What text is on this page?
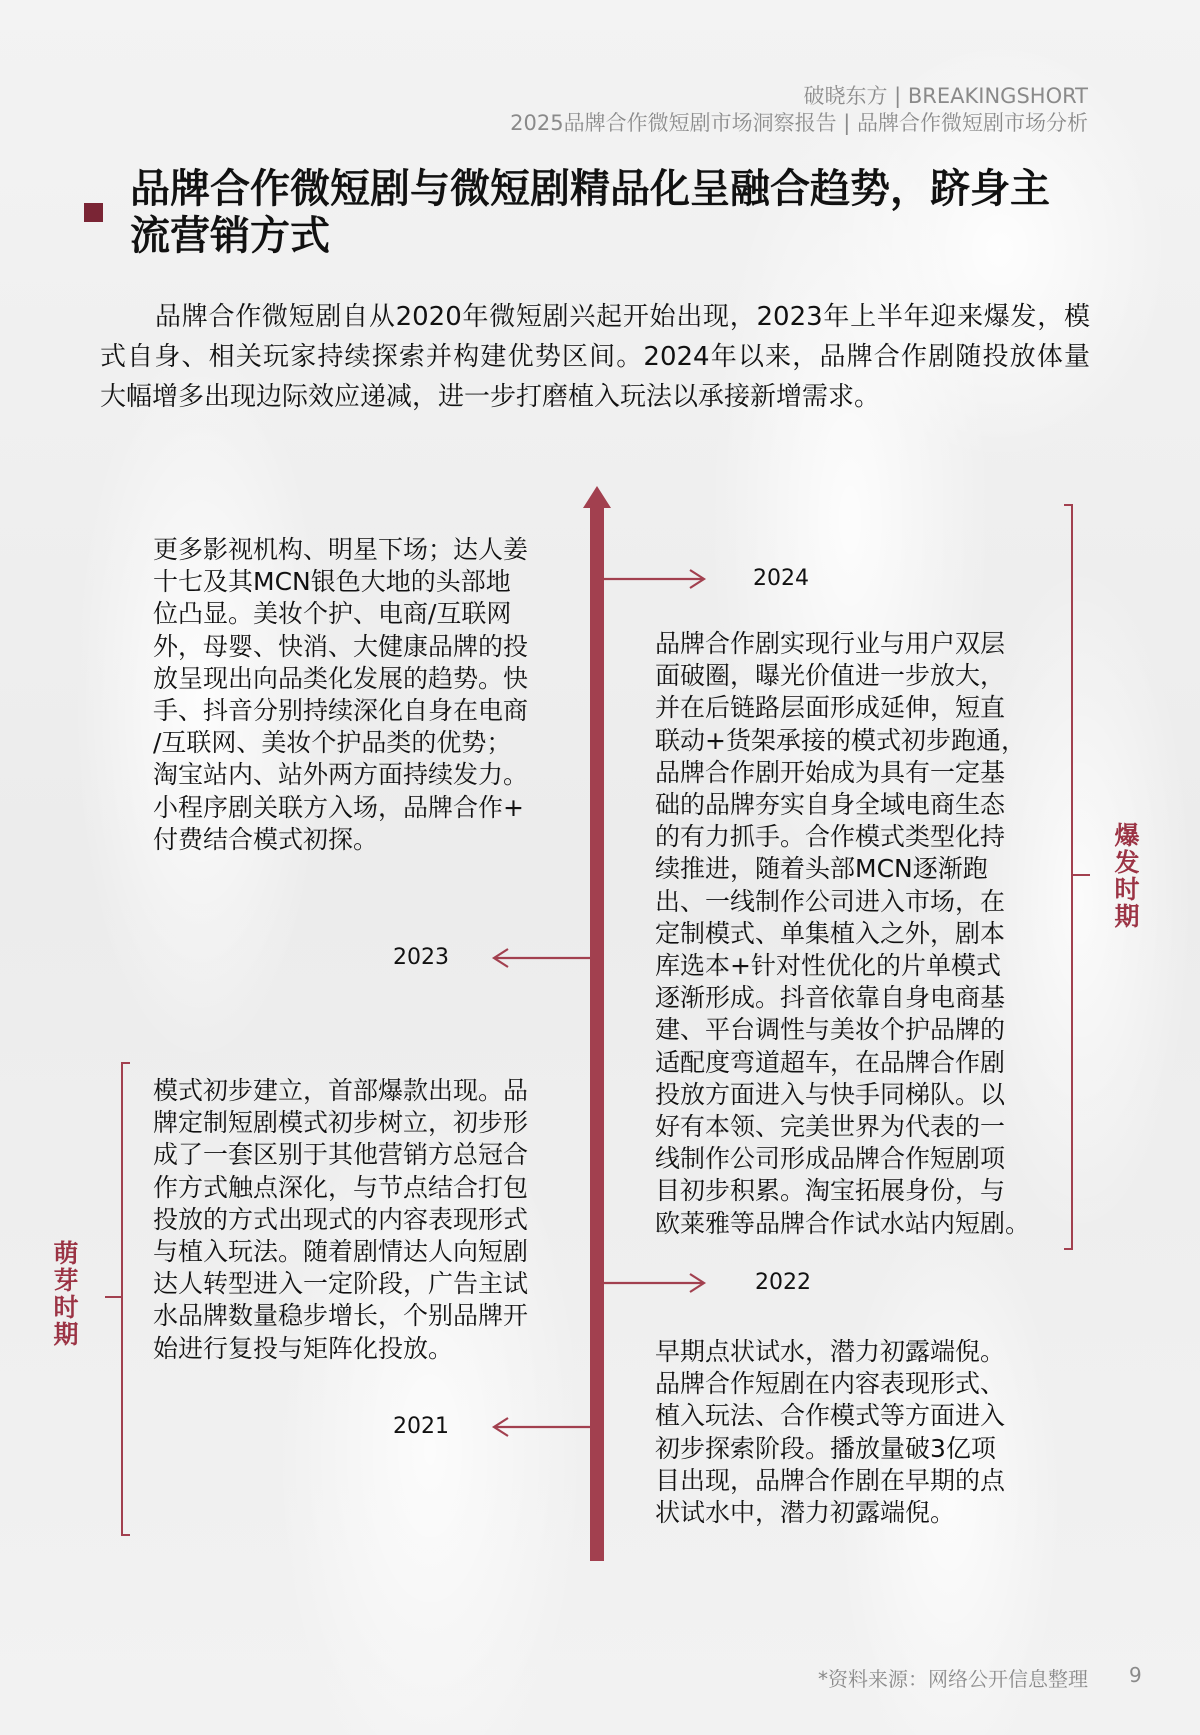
破晓东方 | BREAKINGSHORT
2025品牌合作微短剧市场洞察报告 | 品牌合作微短剧市场分析
品牌合作微短剧与微短剧精品化呈融合趋势，跻身主
流营销方式
品牌合作微短剧自从2020年微短剧兴起开始出现，2023年上半年迎来爆发，模
式自身、相关玩家持续探索并构建优势区间。2024年以来，品牌合作剧随投放体量
大幅增多出现边际效应递减，进一步打磨植入玩法以承接新增需求。
2024
2023
2022
2021
爆发时期
萌芽时期
更多影视机构、明星下场；达人姜
十七及其MCN银色大地的头部地
位凸显。美妆个护、电商/互联网
外，母婴、快消、大健康品牌的投
放呈现出向品类化发展的趋势。快
手、抖音分别持续深化自身在电商
/互联网、美妆个护品类的优势；
淘宝站内、站外两方面持续发力。
小程序剧关联方入场，品牌合作+
付费结合模式初探。
品牌合作剧实现行业与用户双层
面破圈，曝光价值进一步放大，
并在后链路层面形成延伸，短直
联动+货架承接的模式初步跑通，
品牌合作剧开始成为具有一定基
础的品牌夯实自身全域电商生态
的有力抓手。合作模式类型化持
续推进，随着头部MCN逐渐跑
出、一线制作公司进入市场，在
定制模式、单集植入之外，剧本
库选本+针对性优化的片单模式
逐渐形成。抖音依靠自身电商基
建、平台调性与美妆个护品牌的
适配度弯道超车，在品牌合作剧
投放方面进入与快手同梯队。以
好有本领、完美世界为代表的一
线制作公司形成品牌合作短剧项
目初步积累。淘宝拓展身份，与
欧莱雅等品牌合作试水站内短剧。
模式初步建立，首部爆款出现。品
牌定制短剧模式初步树立，初步形
成了一套区别于其他营销方总冠合
作方式触点深化，与节点结合打包
投放的方式出现式的内容表现形式
与植入玩法。随着剧情达人向短剧
达人转型进入一定阶段，广告主试
水品牌数量稳步增长，个别品牌开
始进行复投与矩阵化投放。	早期点状试水，潜力初露端倪。
品牌合作短剧在内容表现形式、
植入玩法、合作模式等方面进入
初步探索阶段。播放量破3亿项
目出现，品牌合作剧在早期的点
状试水中，潜力初露端倪。
*资料来源：网络公开信息整理 9
